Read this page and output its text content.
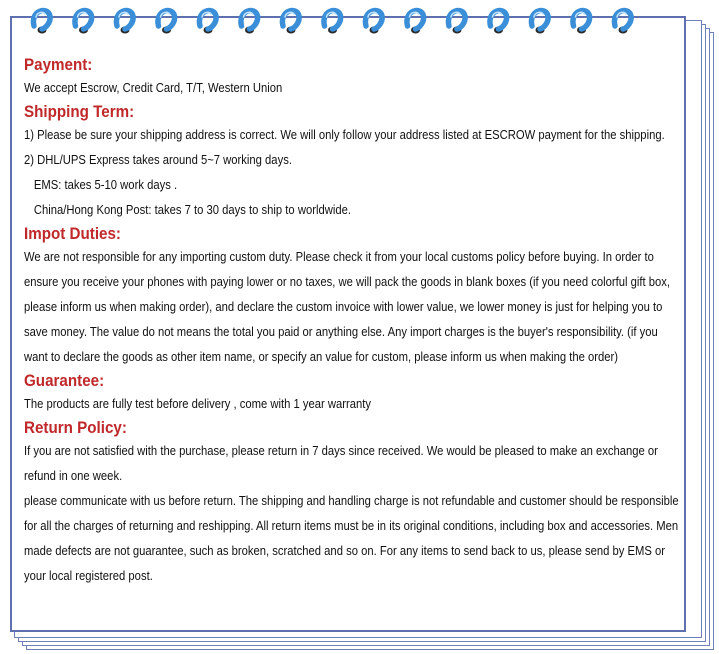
Payment:

We accept Escrow, Credit Card, T/T, Western Union

Shipping Term:

1) Please be sure your shipping address is correct. We will only follow your address listed at ESCROW payment for the shipping.

2) DHL/UPS Express takes around 5~7 working days.

EMS: takes 5-10 work days .

China/Hong Kong Post: takes 7 to 30 days to ship to worldwide.

Impot Duties:

We are not responsible for any importing custom duty. Please check it from your local customs policy before buying. In order to

ensure you receive your phones with paying lower or no taxes, we will pack the goods in blank boxes (if you need colorful gift box,

please inform us when making order), and declare the custom invoice with lower value, we lower money is just for helping you to

save money. The value do not means the total you paid or anything else. Any import charges is the buyer's responsibility. (if you

want to declare the goods as other item name, or specify an value for custom, please inform us when making the order)

Guarantee:

The products are fully test before delivery , come with 1 year warranty

Return Policy:

If you are not satisfied with the purchase, please return in 7 days since received. We would be pleased to make an exchange or

refund in one week.

please communicate with us before return. The shipping and handling charge is not refundable and customer should be responsible

for all the charges of returning and reshipping. All return items must be in its original conditions, including box and accessories. Men

made defects are not guarantee, such as broken, scratched and so on. For any items to send back to us, please send by EMS or

your local registered post.
